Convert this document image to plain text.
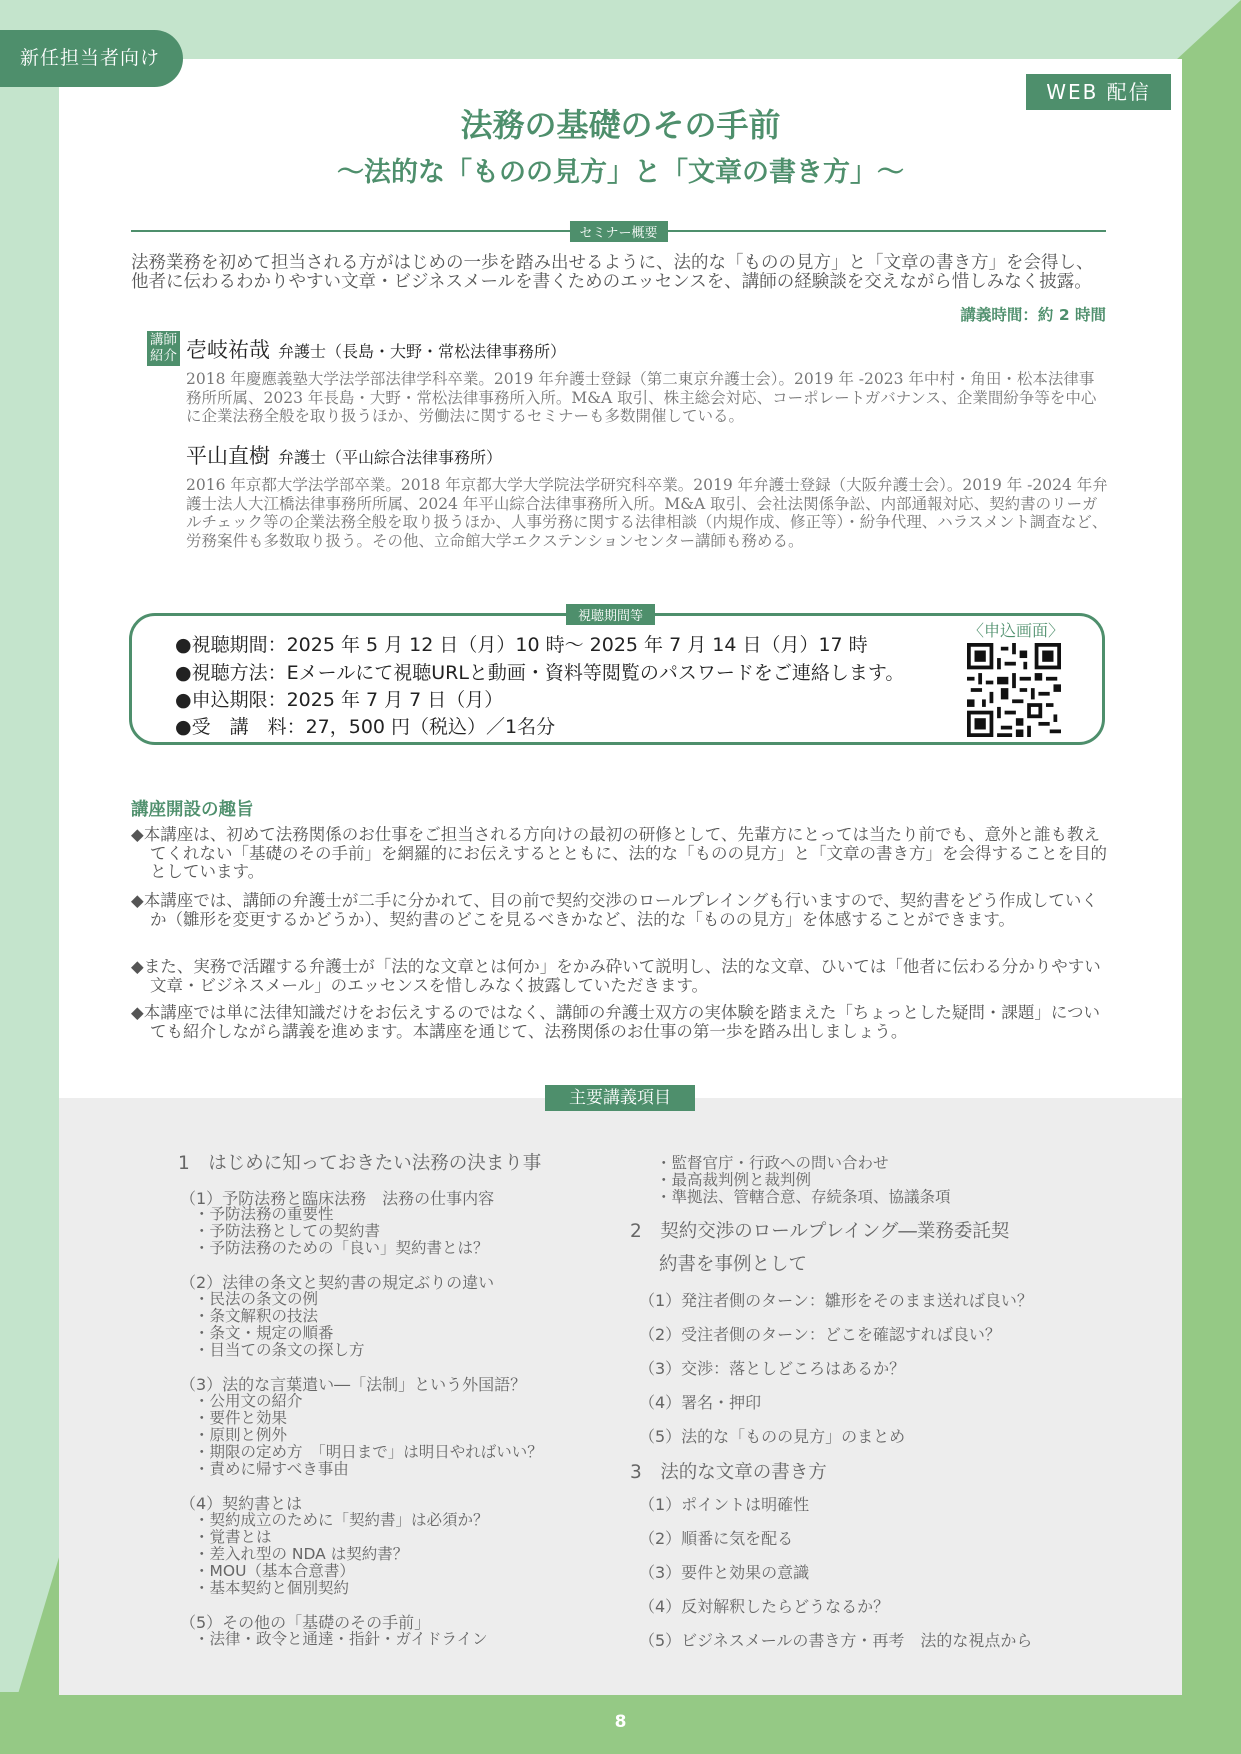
新任担当者向け
WEB 配信
法務の基礎のその手前
～法的な「ものの見方」と「文章の書き方」～
セミナー概要
法務業務を初めて担当される方がはじめの一歩を踏み出せるように、法的な「ものの見方」と「文章の書き方」を会得し、他者に伝わるわかりやすい文章・ビジネスメールを書くためのエッセンスを、講師の経験談を交えながら惜しみなく披露。
講義時間：約 2 時間
講師紹介 壱岐祐哉 弁護士（長島・大野・常松法律事務所）
2018 年慶應義塾大学法学部法律学科卒業。2019 年弁護士登録（第二東京弁護士会）。2019 年 -2023 年中村・角田・松本法律事務所所属、2023 年長島・大野・常松法律事務所入所。M&A 取引、株主総会対応、コーポレートガバナンス、企業間紛争等を中心に企業法務全般を取り扱うほか、労働法に関するセミナーも多数開催している。
平山直樹 弁護士（平山綜合法律事務所）
2016 年京都大学法学部卒業。2018 年京都大学大学院法学研究科卒業。2019 年弁護士登録（大阪弁護士会）。2019 年 -2024 年弁護士法人大江橋法律事務所所属、2024 年平山綜合法律事務所入所。M&A 取引、会社法関係争訟、内部通報対応、契約書のリーガルチェック等の企業法務全般を取り扱うほか、人事労務に関する法律相談（内規作成、修正等）・紛争代理、ハラスメント調査など、労務案件も多数取り扱う。その他、立命館大学エクステンションセンター講師も務める。
視聴期間等
●視聴期間：2025 年 5 月 12 日（月）10 時～ 2025 年 7 月 14 日（月）17 時
●視聴方法：Eメールにて視聴URLと動画・資料等閲覧のパスワードをご連絡します。
●申込期限：2025 年 7 月 7 日（月）
●受　講　料：27，500 円（税込）／1名分
〈申込画面〉
講座開設の趣旨
◆本講座は、初めて法務関係のお仕事をご担当される方向けの最初の研修として、先輩方にとっては当たり前でも、意外と誰も教えてくれない「基礎のその手前」を網羅的にお伝えするとともに、法的な「ものの見方」と「文章の書き方」を会得することを目的としています。
◆本講座では、講師の弁護士が二手に分かれて、目の前で契約交渉のロールプレイングも行いますので、契約書をどう作成していくか（雛形を変更するかどうか）、契約書のどこを見るべきかなど、法的な「ものの見方」を体感することができます。
◆また、実務で活躍する弁護士が「法的な文章とは何か」をかみ砕いて説明し、法的な文章、ひいては「他者に伝わる分かりやすい文章・ビジネスメール」のエッセンスを惜しみなく披露していただきます。
◆本講座では単に法律知識だけをお伝えするのではなく、講師の弁護士双方の実体験を踏まえた「ちょっとした疑問・課題」についても紹介しながら講義を進めます。本講座を通じて、法務関係のお仕事の第一歩を踏み出しましょう。
主要講義項目
1　はじめに知っておきたい法務の決まり事
（1）予防法務と臨床法務　法務の仕事内容
・予防法務の重要性
・予防法務としての契約書
・予防法務のための「良い」契約書とは？
（2）法律の条文と契約書の規定ぶりの違い
・民法の条文の例
・条文解釈の技法
・条文・規定の順番
・目当ての条文の探し方
（3）法的な言葉遣い―「法制」という外国語？
・公用文の紹介
・要件と効果
・原則と例外
・期限の定め方　「明日まで」は明日やればいい？
・責めに帰すべき事由
（4）契約書とは
・契約成立のために「契約書」は必須か？
・覚書とは
・差入れ型の NDA は契約書？
・MOU（基本合意書）
・基本契約と個別契約
（5）その他の「基礎のその手前」
・法律・政令と通達・指針・ガイドライン
・監督官庁・行政への問い合わせ
・最高裁判例と裁判例
・準拠法、管轄合意、存続条項、協議条項
2　契約交渉のロールプレイング―業務委託契
約書を事例として
（1）発注者側のターン：雛形をそのまま送れば良い？
（2）受注者側のターン：どこを確認すれば良い？
（3）交渉：落としどころはあるか？
（4）署名・押印
（5）法的な「ものの見方」のまとめ
3　法的な文章の書き方
（1）ポイントは明確性
（2）順番に気を配る
（3）要件と効果の意識
（4）反対解釈したらどうなるか？
（5）ビジネスメールの書き方・再考　法的な視点から
8
